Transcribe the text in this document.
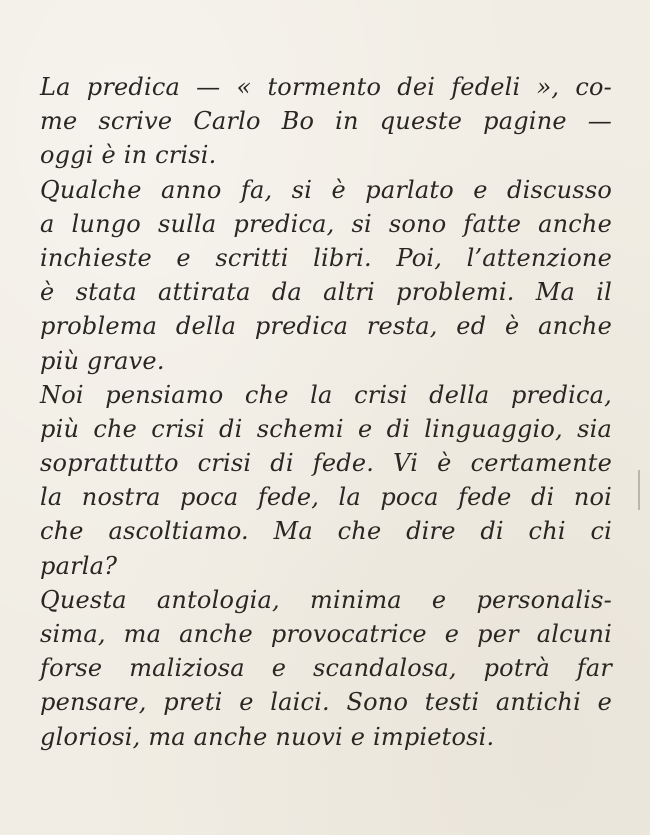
La predica — « tormento dei fedeli », co-
me scrive Carlo Bo in queste pagine —
oggi è in crisi.
Qualche anno fa, si è parlato e discusso
a lungo sulla predica, si sono fatte anche
inchieste e scritti libri. Poi, l’attenzione
è stata attirata da altri problemi. Ma il
problema della predica resta, ed è anche
più grave.
Noi pensiamo che la crisi della predica,
più che crisi di schemi e di linguaggio, sia
soprattutto crisi di fede. Vi è certamente
la nostra poca fede, la poca fede di noi
che ascoltiamo. Ma che dire di chi ci
parla?
Questa antologia, minima e personalis-
sima, ma anche provocatrice e per alcuni
forse maliziosa e scandalosa, potrà far
pensare, preti e laici. Sono testi antichi e
gloriosi, ma anche nuovi e impietosi.
